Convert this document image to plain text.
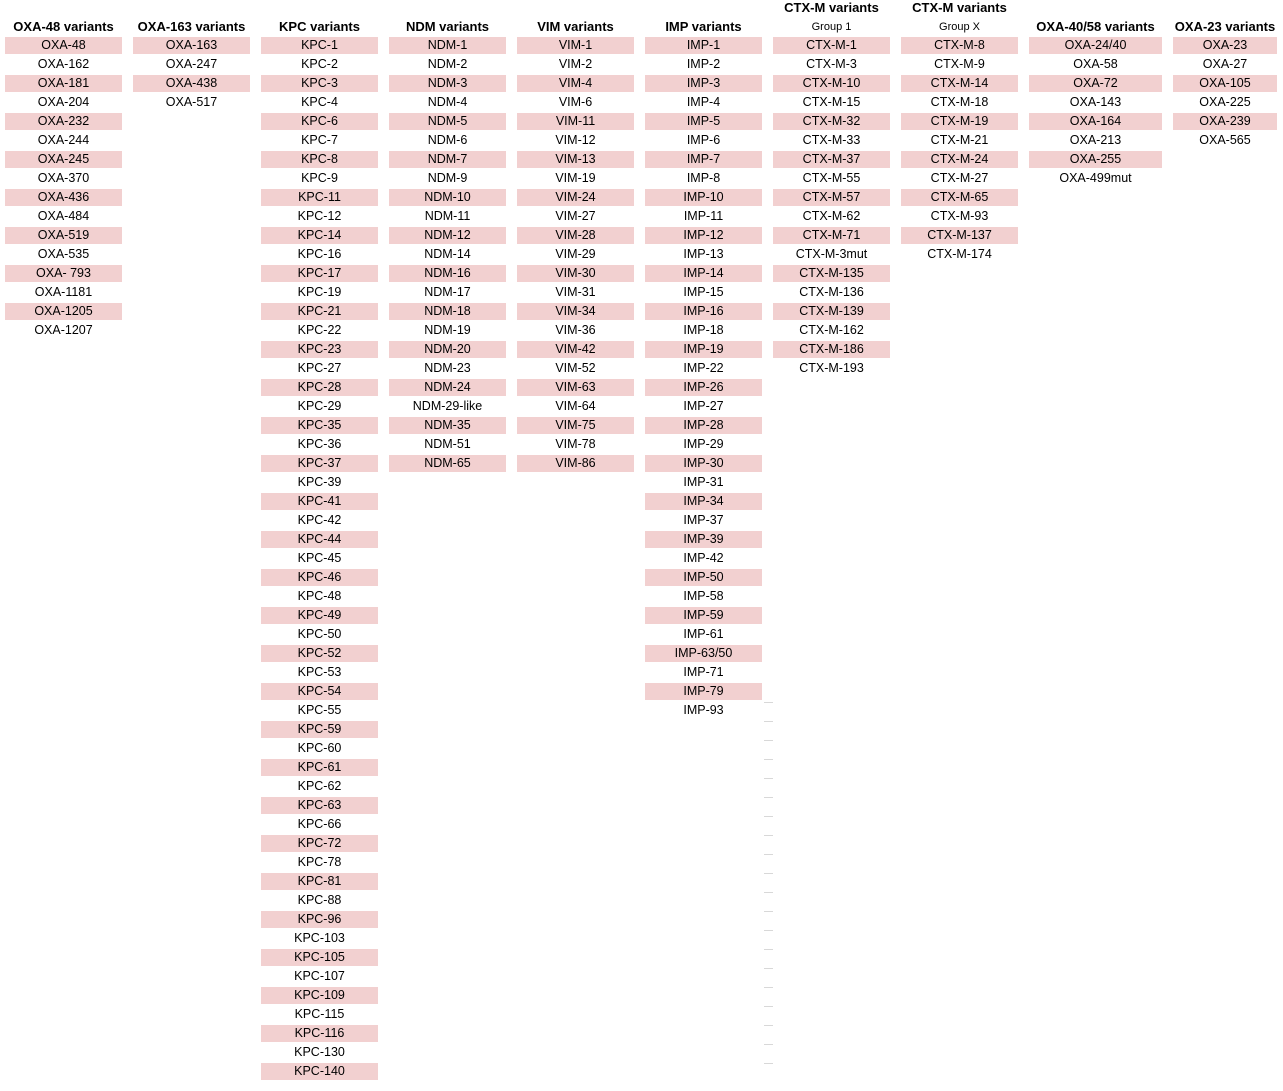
OXA-48 variants
OXA-48
OXA-162
OXA-181
OXA-204
OXA-232
OXA-244
OXA-245
OXA-370
OXA-436
OXA-484
OXA-519
OXA-535
OXA- 793
OXA-1181
OXA-1205
OXA-1207
OXA-163 variants
OXA-163
OXA-247
OXA-438
OXA-517
KPC variants
KPC-1
KPC-2
KPC-3
KPC-4
KPC-6
KPC-7
KPC-8
KPC-9
KPC-11
KPC-12
KPC-14
KPC-16
KPC-17
KPC-19
KPC-21
KPC-22
KPC-23
KPC-27
KPC-28
KPC-29
KPC-35
KPC-36
KPC-37
KPC-39
KPC-41
KPC-42
KPC-44
KPC-45
KPC-46
KPC-48
KPC-49
KPC-50
KPC-52
KPC-53
KPC-54
KPC-55
KPC-59
KPC-60
KPC-61
KPC-62
KPC-63
KPC-66
KPC-72
KPC-78
KPC-81
KPC-88
KPC-96
KPC-103
KPC-105
KPC-107
KPC-109
KPC-115
KPC-116
KPC-130
KPC-140
NDM variants
NDM-1
NDM-2
NDM-3
NDM-4
NDM-5
NDM-6
NDM-7
NDM-9
NDM-10
NDM-11
NDM-12
NDM-14
NDM-16
NDM-17
NDM-18
NDM-19
NDM-20
NDM-23
NDM-24
NDM-29-like
NDM-35
NDM-51
NDM-65
VIM variants
VIM-1
VIM-2
VIM-4
VIM-6
VIM-11
VIM-12
VIM-13
VIM-19
VIM-24
VIM-27
VIM-28
VIM-29
VIM-30
VIM-31
VIM-34
VIM-36
VIM-42
VIM-52
VIM-63
VIM-64
VIM-75
VIM-78
VIM-86
IMP variants
IMP-1
IMP-2
IMP-3
IMP-4
IMP-5
IMP-6
IMP-7
IMP-8
IMP-10
IMP-11
IMP-12
IMP-13
IMP-14
IMP-15
IMP-16
IMP-18
IMP-19
IMP-22
IMP-26
IMP-27
IMP-28
IMP-29
IMP-30
IMP-31
IMP-34
IMP-37
IMP-39
IMP-42
IMP-50
IMP-58
IMP-59
IMP-61
IMP-63/50
IMP-71
IMP-79
IMP-93
CTX-M variants
Group 1
CTX-M-1
CTX-M-3
CTX-M-10
CTX-M-15
CTX-M-32
CTX-M-33
CTX-M-37
CTX-M-55
CTX-M-57
CTX-M-62
CTX-M-71
CTX-M-3mut
CTX-M-135
CTX-M-136
CTX-M-139
CTX-M-162
CTX-M-186
CTX-M-193
CTX-M variants
Group X
CTX-M-8
CTX-M-9
CTX-M-14
CTX-M-18
CTX-M-19
CTX-M-21
CTX-M-24
CTX-M-27
CTX-M-65
CTX-M-93
CTX-M-137
CTX-M-174
OXA-40/58 variants
OXA-24/40
OXA-58
OXA-72
OXA-143
OXA-164
OXA-213
OXA-255
OXA-499mut
OXA-23 variants
OXA-23
OXA-27
OXA-105
OXA-225
OXA-239
OXA-565
